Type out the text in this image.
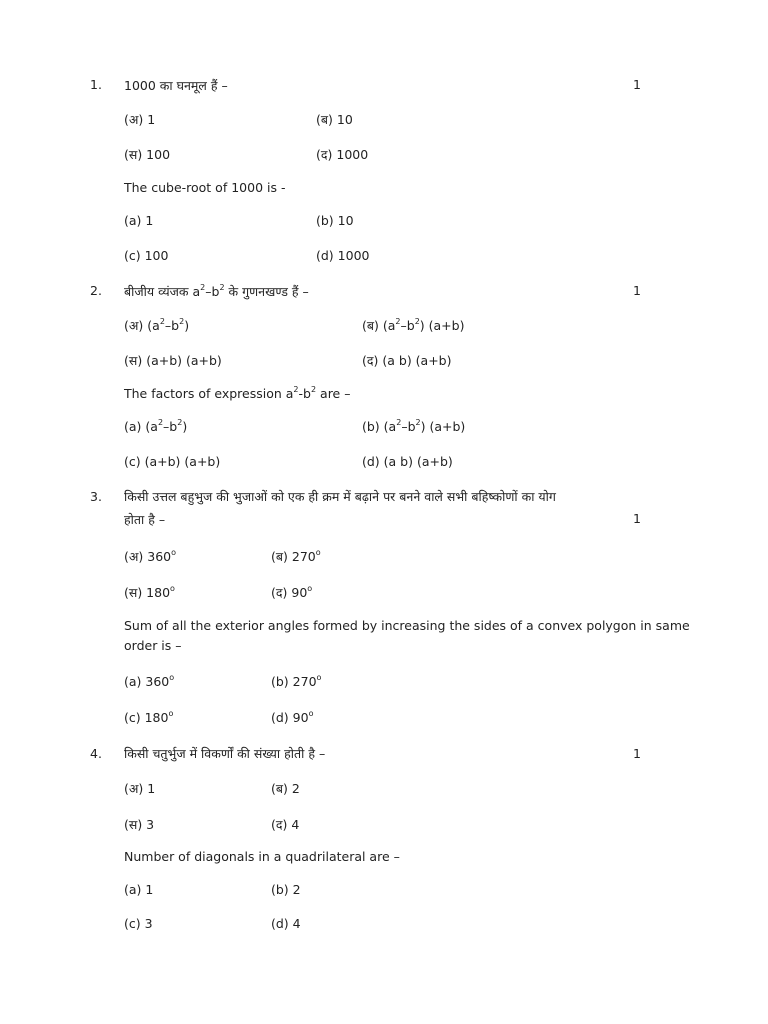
1. 1000 का घनमूल हैं –	1
(अ) 1	(ब) 10
(स) 100	(द) 1000
The cube-root of 1000 is -
(a) 1	(b) 10
(c) 100	(d) 1000
2. बीजीय व्यंजक $a^2-b^2$ के गुणनखण्ड हैं –	1
(अ) $(a^2-b^2)$	(ब) $(a^2-b^2)$ (a+b)
(स) (a+b) (a+b)	(द) (a b) (a+b)
The factors of expression $a^2-b^2$ are –
(a) $(a^2-b^2)$	(b) $(a^2-b^2)$ (a+b)
(c) (a+b) (a+b)	(d) (a b) (a+b)
3. किसी उत्तल बहुभुज की भुजाओं को एक ही क्रम में बढ़ाने पर बनने वाले सभी बहिष्कोणों का योग
होता है –	1
(अ) 360$^o$	(ब) 270$^o$
(स) 180$^o$	(द) 90$^o$
Sum of all the exterior angles formed by increasing the sides of a convex polygon in same
order is –
(a) 360$^o$	(b) 270$^o$
(c) 180$^o$	(d) 90$^o$
4. किसी चतुर्भुज में विकर्णों की संख्या होती है –	1
(अ) 1	(ब) 2
(स) 3	(द) 4
Number of diagonals in a quadrilateral are –
(a) 1	(b) 2
(c) 3	(d) 4
